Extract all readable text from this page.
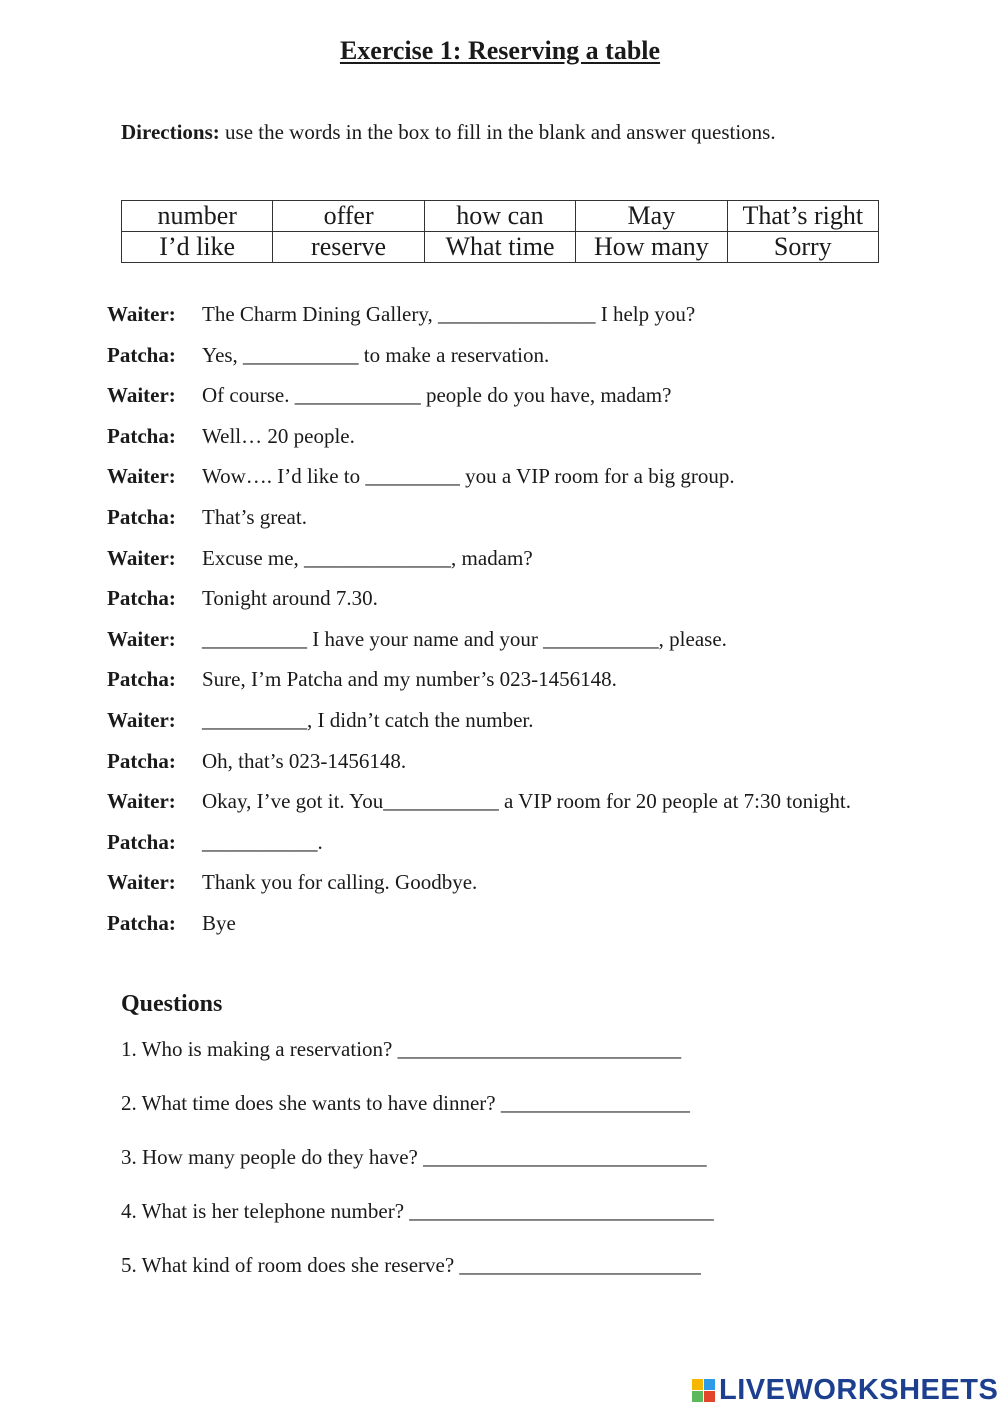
Exercise 1: Reserving a table
Directions: use the words in the box to fill in the blank and answer questions.
number	offer	how can	May	That’s right
I’d like	reserve	What time	How many	Sorry
Waiter:	The Charm Dining Gallery, _______________ I help you?
Patcha:	Yes, ___________ to make a reservation.
Waiter:	Of course. ____________ people do you have, madam?
Patcha:	Well… 20 people.
Waiter:	Wow…. I’d like to _________ you a VIP room for a big group.
Patcha:	That’s great.
Waiter:	Excuse me, ______________, madam?
Patcha:	Tonight around 7.30.
Waiter:	__________ I have your name and your ___________, please.
Patcha:	Sure, I’m Patcha and my number’s 023-1456148.
Waiter:	__________, I didn’t catch the number.
Patcha:	Oh, that’s 023-1456148.
Waiter:	Okay, I’ve got it. You___________ a VIP room for 20 people at 7:30 tonight.
Patcha:	___________.
Waiter:	Thank you for calling. Goodbye.
Patcha:	Bye
Questions
1. Who is making a reservation? ___________________________
2. What time does she wants to have dinner? __________________
3. How many people do they have? ___________________________
4. What is her telephone number? _____________________________
5. What kind of room does she reserve? _______________________
LIVEWORKSHEETS
